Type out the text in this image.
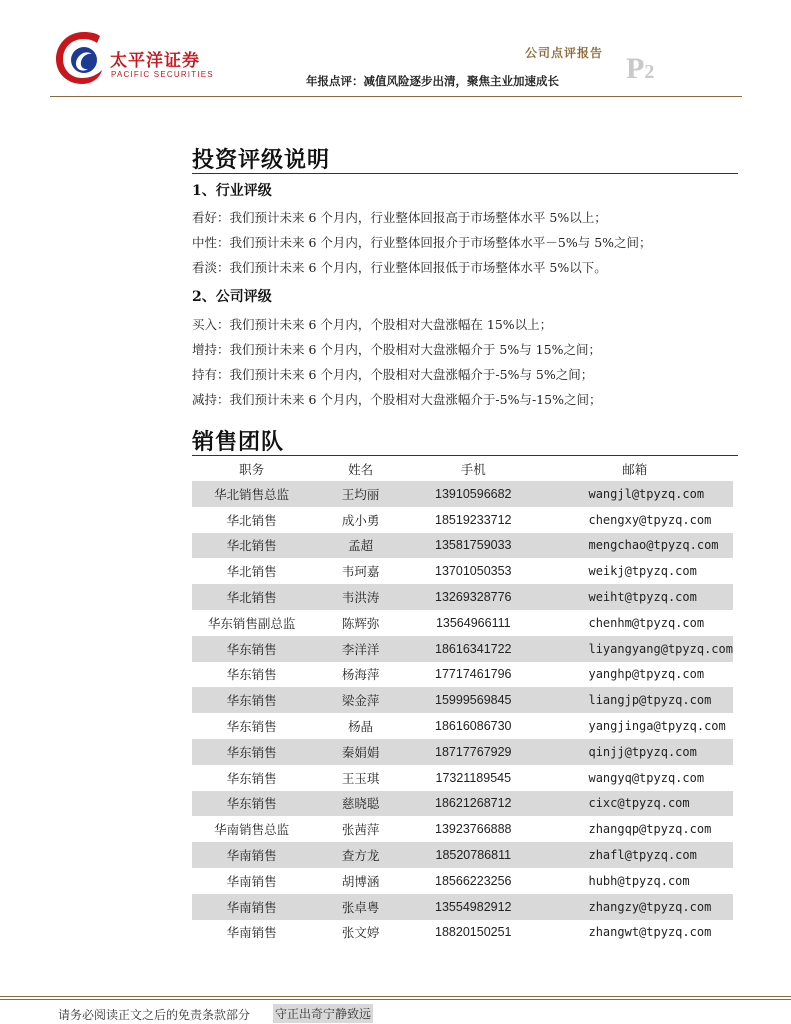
太平洋证券
PACIFIC SECURITIES
公司点评报告
年报点评：减值风险逐步出清，聚焦主业加速成长 P2
投资评级说明
1、行业评级
看好：我们预计未来 6 个月内，行业整体回报高于市场整体水平 5%以上；
中性：我们预计未来 6 个月内，行业整体回报介于市场整体水平－5%与 5%之间；
看淡：我们预计未来 6 个月内，行业整体回报低于市场整体水平 5%以下。
2、公司评级
买入：我们预计未来 6 个月内，个股相对大盘涨幅在 15%以上；
增持：我们预计未来 6 个月内，个股相对大盘涨幅介于 5%与 15%之间；
持有：我们预计未来 6 个月内，个股相对大盘涨幅介于-5%与 5%之间；
减持：我们预计未来 6 个月内，个股相对大盘涨幅介于-5%与-15%之间；
销售团队
职务	姓名	手机	邮箱
华北销售总监	王均丽	13910596682	wangjl@tpyzq.com
华北销售	成小勇	18519233712	chengxy@tpyzq.com
华北销售	孟超	13581759033	mengchao@tpyzq.com
华北销售	韦珂嘉	13701050353	weikj@tpyzq.com
华北销售	韦洪涛	13269328776	weiht@tpyzq.com
华东销售副总监	陈辉弥	13564966111	chenhm@tpyzq.com
华东销售	李洋洋	18616341722	liyangyang@tpyzq.com
华东销售	杨海萍	17717461796	yanghp@tpyzq.com
华东销售	梁金萍	15999569845	liangjp@tpyzq.com
华东销售	杨晶	18616086730	yangjinga@tpyzq.com
华东销售	秦娟娟	18717767929	qinjj@tpyzq.com
华东销售	王玉琪	17321189545	wangyq@tpyzq.com
华东销售	慈晓聪	18621268712	cixc@tpyzq.com
华南销售总监	张茜萍	13923766888	zhangqp@tpyzq.com
华南销售	查方龙	18520786811	zhafl@tpyzq.com
华南销售	胡博涵	18566223256	hubh@tpyzq.com
华南销售	张卓粤	13554982912	zhangzy@tpyzq.com
华南销售	张文婷	18820150251	zhangwt@tpyzq.com
请务必阅读正文之后的免责条款部分 守正出奇宁静致远
